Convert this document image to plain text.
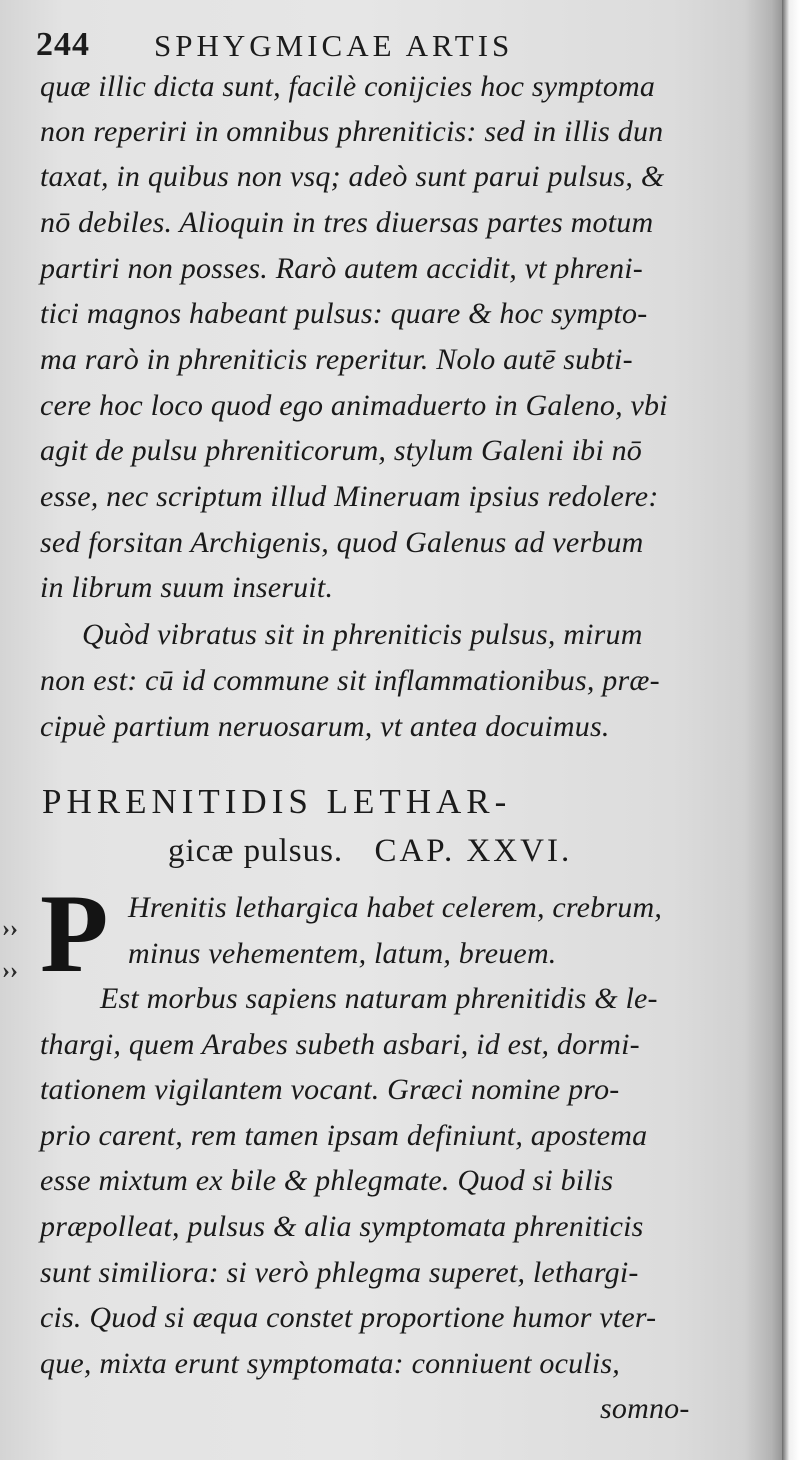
244 SPHYGMICAE ARTIS
quæ illic dicta sunt, facilè conijcies hoc symptoma
non reperiri in omnibus phreniticis: sed in illis dun
taxat, in quibus non vsq; adeò sunt parui pulsus, &
nō debiles. Alioquin in tres diuersas partes motum
partiri non posses. Rarò autem accidit, vt phreni-
tici magnos habeant pulsus: quare & hoc sympto-
ma rarò in phreniticis reperitur. Nolo autē subti-
cere hoc loco quod ego animaduerto in Galeno, vbi
agit de pulsu phreniticorum, stylum Galeni ibi nō
esse, nec scriptum illud Mineruam ipsius redolere:
sed forsitan Archigenis, quod Galenus ad verbum
in librum suum inseruit.
Quòd vibratus sit in phreniticis pulsus, mirum
non est: cū id commune sit inflammationibus, præ-
cipuè partium neruosarum, vt antea docuimus.
PHRENITIDIS LETHAR-
gicæ pulsus. CAP. XXVI.
››
›› P Hrenitis lethargica habet celerem, crebrum,
minus vehementem, latum, breuem.
Est morbus sapiens naturam phrenitidis & le-
thargi, quem Arabes subeth asbari, id est, dormi-
tationem vigilantem vocant. Græci nomine pro-
prio carent, rem tamen ipsam definiunt, apostema
esse mixtum ex bile & phlegmate. Quod si bilis
præpolleat, pulsus & alia symptomata phreniticis
sunt similiora: si verò phlegma superet, lethargi-
cis. Quod si æqua constet proportione humor vter-
que, mixta erunt symptomata: conniuent oculis,
somno-
